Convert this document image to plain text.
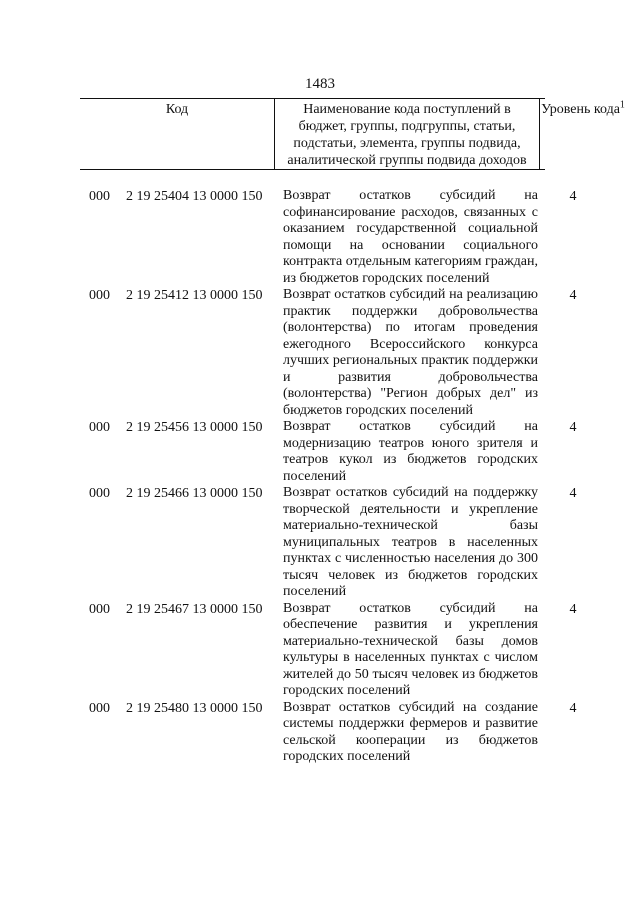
1483
Код	Наименование кода поступлений в бюджет, группы, подгруппы, статьи, подстатьи, элемента, группы подвида, аналитической группы подвида доходов
Уровень кода$^1$
000 2 19 25404 13 0000 150 Возврат остатков субсидий на софинансирование расходов, связанных с оказанием государственной социальной помощи на основании социального контракта отдельным категориям граждан, из бюджетов городских поселений
4
000 2 19 25412 13 0000 150 Возврат остатков субсидий на реализацию практик поддержки добровольчества (волонтерства) по итогам проведения ежегодного Всероссийского конкурса лучших региональных практик поддержки и развития добровольчества (волонтерства) "Регион добрых дел" из бюджетов городских поселений
4
000 2 19 25456 13 0000 150 Возврат остатков субсидий на модернизацию театров юного зрителя и театров кукол из бюджетов городских поселений
4
000 2 19 25466 13 0000 150 Возврат остатков субсидий на поддержку творческой деятельности и укрепление материально-технической базы муниципальных театров в населенных пунктах с численностью населения до 300 тысяч человек из бюджетов городских поселений
4
000 2 19 25467 13 0000 150 Возврат остатков субсидий на обеспечение развития и укрепления материально-технической базы домов культуры в населенных пунктах с числом жителей до 50 тысяч человек из бюджетов городских поселений
4
000 2 19 25480 13 0000 150 Возврат остатков субсидий на создание системы поддержки фермеров и развитие сельской кооперации из бюджетов городских поселений
4
